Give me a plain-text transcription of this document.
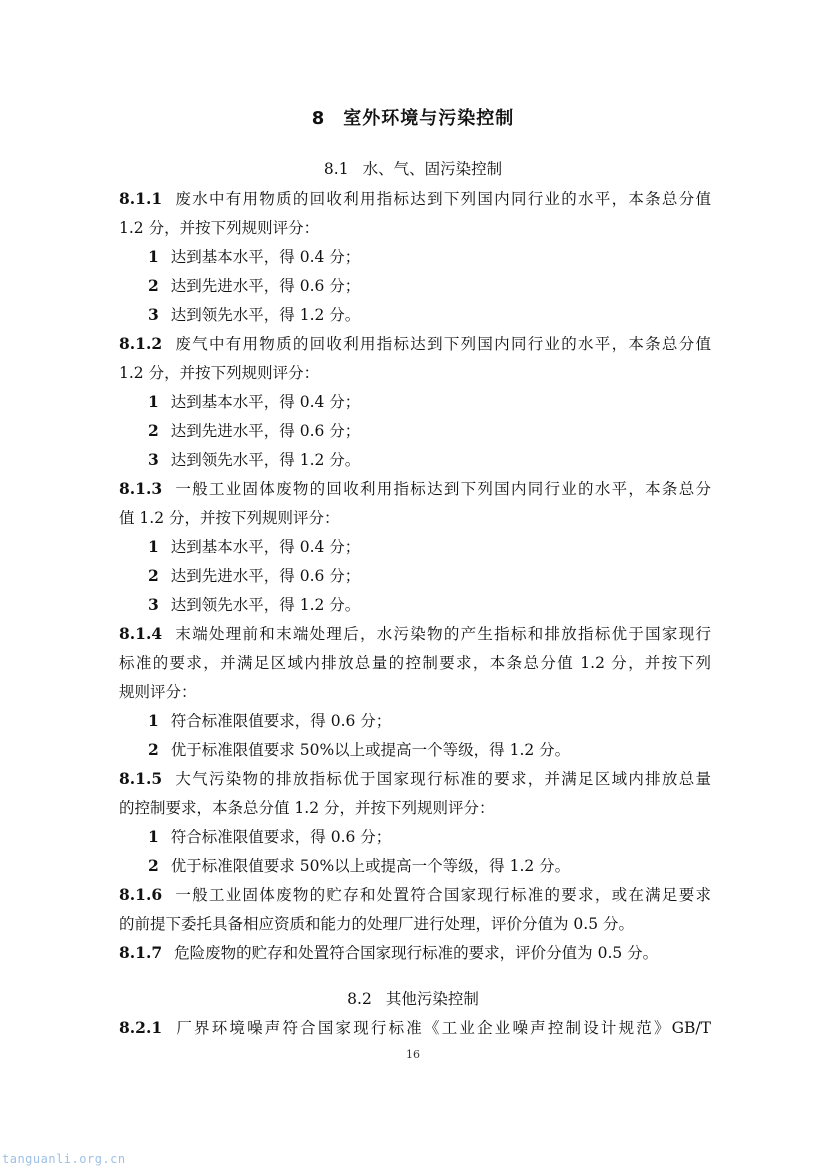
8 室外环境与污染控制
8.1 水、气、固污染控制
8.1.1 废水中有用物质的回收利用指标达到下列国内同行业的水平，本条总分值
1.2 分，并按下列规则评分：
1 达到基本水平，得 0.4 分；
2 达到先进水平，得 0.6 分；
3 达到领先水平，得 1.2 分。
8.1.2 废气中有用物质的回收利用指标达到下列国内同行业的水平，本条总分值
1.2 分，并按下列规则评分：
1 达到基本水平，得 0.4 分；
2 达到先进水平，得 0.6 分；
3 达到领先水平，得 1.2 分。
8.1.3 一般工业固体废物的回收利用指标达到下列国内同行业的水平，本条总分
值 1.2 分，并按下列规则评分：
1 达到基本水平，得 0.4 分；
2 达到先进水平，得 0.6 分；
3 达到领先水平，得 1.2 分。
8.1.4 末端处理前和末端处理后，水污染物的产生指标和排放指标优于国家现行
标准的要求，并满足区域内排放总量的控制要求，本条总分值 1.2 分，并按下列
规则评分：
1 符合标准限值要求，得 0.6 分；
2 优于标准限值要求 50%以上或提高一个等级，得 1.2 分。
8.1.5 大气污染物的排放指标优于国家现行标准的要求，并满足区域内排放总量
的控制要求，本条总分值 1.2 分，并按下列规则评分：
1 符合标准限值要求，得 0.6 分；
2 优于标准限值要求 50%以上或提高一个等级，得 1.2 分。
8.1.6 一般工业固体废物的贮存和处置符合国家现行标准的要求，或在满足要求
的前提下委托具备相应资质和能力的处理厂进行处理，评价分值为 0.5 分。
8.1.7 危险废物的贮存和处置符合国家现行标准的要求，评价分值为 0.5 分。
8.2 其他污染控制
8.2.1 厂界环境噪声符合国家现行标准《工业企业噪声控制设计规范》GB/T
16
tanguanli.org.cn
